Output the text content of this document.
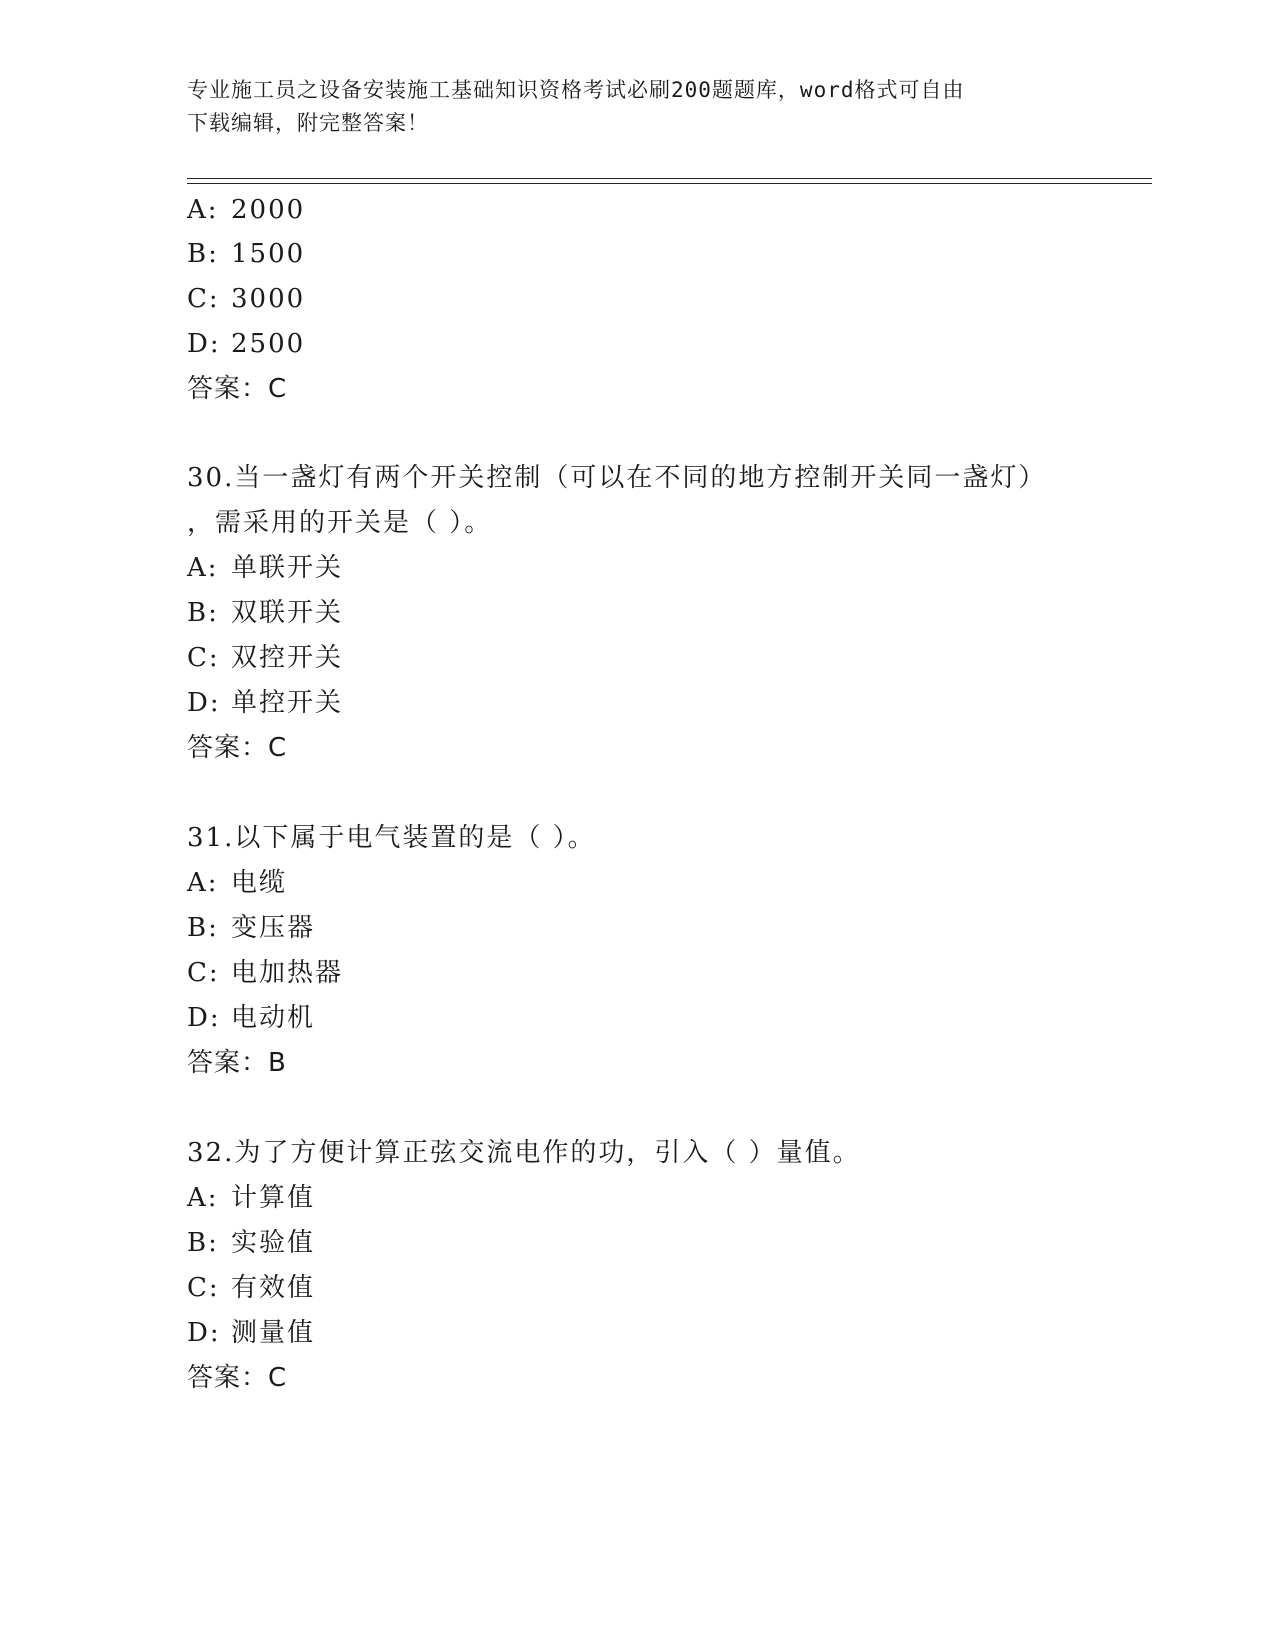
专业施工员之设备安装施工基础知识资格考试必刷200题题库，word格式可自由
下载编辑，附完整答案！
A: 2000
B: 1500
C: 3000
D: 2500
答案：C
30.当一盏灯有两个开关控制（可以在不同的地方控制开关同一盏灯）
，需采用的开关是（ ）。
A: 单联开关
B: 双联开关
C: 双控开关
D: 单控开关
答案：C
31.以下属于电气装置的是（ ）。
A: 电缆
B: 变压器
C: 电加热器
D: 电动机
答案：B
32.为了方便计算正弦交流电作的功，引入（ ）量值。
A: 计算值
B: 实验值
C: 有效值
D: 测量值
答案：C
